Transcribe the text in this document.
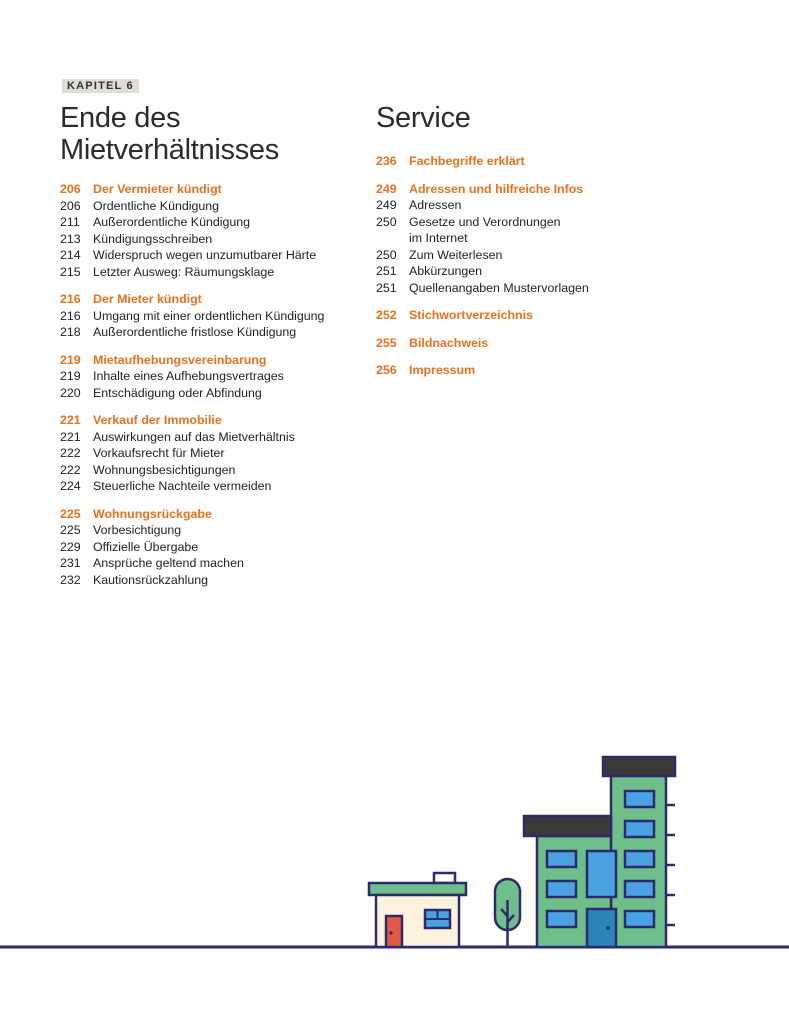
KAPITEL 6
Ende des
Mietverhältnisses
Service
206 Der Vermieter kündigt
206 Ordentliche Kündigung
211	Außerordentliche Kündigung
213 Kündigungsschreiben
214 Widerspruch wegen unzumutbarer Härte
215 Letzter Ausweg: Räumungsklage
216 Der Mieter kündigt
216 Umgang mit einer ordentlichen Kündigung
218 Außerordentliche fristlose Kündigung
219 Mietaufhebungsvereinbarung
219 Inhalte eines Aufhebungsvertrages
220 Entschädigung oder Abfindung
221 Verkauf der Immobilie
221 Auswirkungen auf das Mietverhältnis
222 Vorkaufsrecht für Mieter
222 Wohnungsbesichtigungen
224 Steuerliche Nachteile vermeiden
225 Wohnungsrückgabe
225 Vorbesichtigung
229 Offizielle Übergabe
231 Ansprüche geltend machen
232 Kautionsrückzahlung
236 Fachbegriffe erklärt
249 Adressen und hilfreiche Infos
249 Adressen
250 Gesetze und Verordnungen
im Internet
250 Zum Weiterlesen
251 Abkürzungen
251 Quellenangaben Mustervorlagen
252 Stichwortverzeichnis
255 Bildnachweis
256 Impressum
